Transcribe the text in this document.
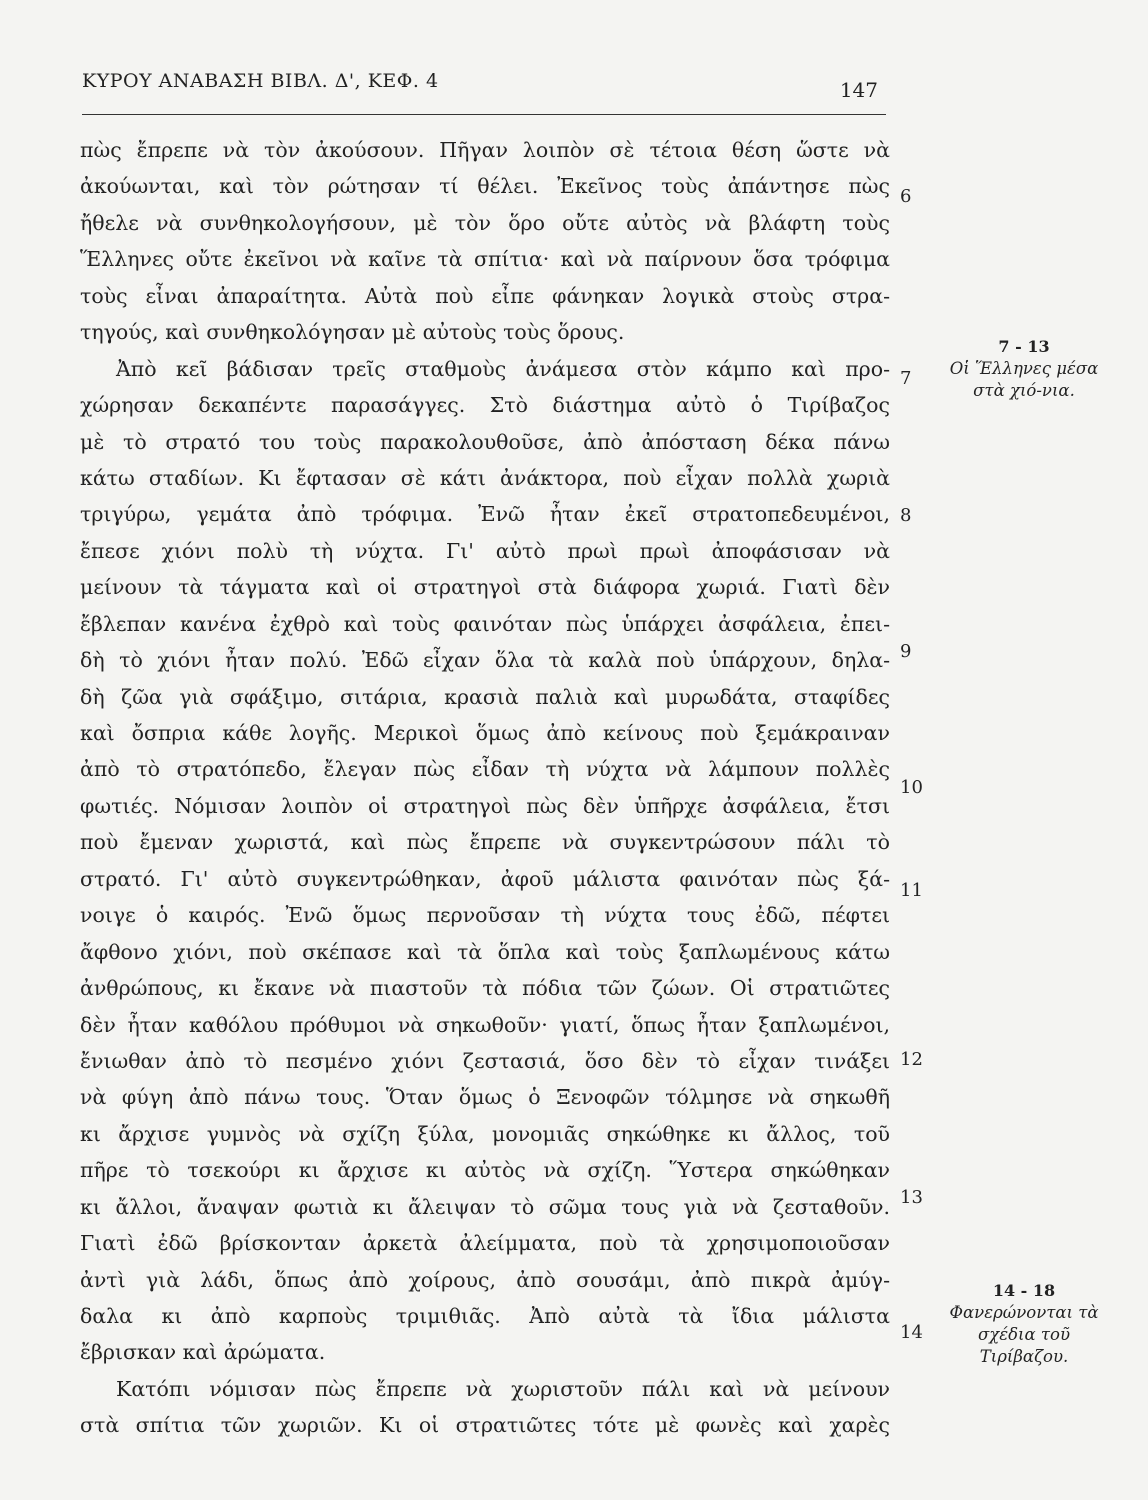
ΚΥΡΟΥ ΑΝΑΒΑΣΗ ΒΙΒΛ. Δ', ΚΕΦ. 4	147
πὼς ἔπρεπε νὰ τὸν ἀκούσουν. Πῆγαν λοιπὸν σὲ τέτοια θέση ὥστε νὰ
ἀκούωνται, καὶ τὸν ρώτησαν τί θέλει. Ἐκεῖνος τοὺς ἀπάντησε πὼς
ἤθελε νὰ συνθηκολογήσουν, μὲ τὸν ὅρο οὔτε αὐτὸς νὰ βλάφτη τοὺς
Ἕλληνες οὔτε ἐκεῖνοι νὰ καῖνε τὰ σπίτια· καὶ νὰ παίρνουν ὅσα τρόφιμα
τοὺς εἶναι ἀπαραίτητα. Αὐτὰ ποὺ εἶπε φάνηκαν λογικὰ στοὺς στρα-
τηγούς, καὶ συνθηκολόγησαν μὲ αὐτοὺς τοὺς ὅρους.
Ἀπὸ κεῖ βάδισαν τρεῖς σταθμοὺς ἀνάμεσα στὸν κάμπο καὶ προ-
χώρησαν δεκαπέντε παρασάγγες. Στὸ διάστημα αὐτὸ ὁ Τιρίβαζος
μὲ τὸ στρατό του τοὺς παρακολουθοῦσε, ἀπὸ ἀπόσταση δέκα πάνω
κάτω σταδίων. Κι ἔφτασαν σὲ κάτι ἀνάκτορα, ποὺ εἶχαν πολλὰ χωριὰ
τριγύρω, γεμάτα ἀπὸ τρόφιμα. Ἐνῶ ἦταν ἐκεῖ στρατοπεδευμένοι,
ἔπεσε χιόνι πολὺ τὴ νύχτα. Γι' αὐτὸ πρωὶ πρωὶ ἀποφάσισαν νὰ
μείνουν τὰ τάγματα καὶ οἱ στρατηγοὶ στὰ διάφορα χωριά. Γιατὶ δὲν
ἔβλεπαν κανένα ἐχθρὸ καὶ τοὺς φαινόταν πὼς ὑπάρχει ἀσφάλεια, ἐπει-
δὴ τὸ χιόνι ἦταν πολύ. Ἐδῶ εἶχαν ὅλα τὰ καλὰ ποὺ ὑπάρχουν, δηλα-
δὴ ζῶα γιὰ σφάξιμο, σιτάρια, κρασιὰ παλιὰ καὶ μυρωδάτα, σταφίδες
καὶ ὄσπρια κάθε λογῆς. Μερικοὶ ὅμως ἀπὸ κείνους ποὺ ξεμάκραιναν
ἀπὸ τὸ στρατόπεδο, ἔλεγαν πὼς εἶδαν τὴ νύχτα νὰ λάμπουν πολλὲς
φωτιές. Νόμισαν λοιπὸν οἱ στρατηγοὶ πὼς δὲν ὑπῆρχε ἀσφάλεια, ἔτσι
ποὺ ἔμεναν χωριστά, καὶ πὼς ἔπρεπε νὰ συγκεντρώσουν πάλι τὸ
στρατό. Γι' αὐτὸ συγκεντρώθηκαν, ἀφοῦ μάλιστα φαινόταν πὼς ξά-
νοιγε ὁ καιρός. Ἐνῶ ὅμως περνοῦσαν τὴ νύχτα τους ἐδῶ, πέφτει
ἄφθονο χιόνι, ποὺ σκέπασε καὶ τὰ ὅπλα καὶ τοὺς ξαπλωμένους κάτω
ἀνθρώπους, κι ἔκανε νὰ πιαστοῦν τὰ πόδια τῶν ζώων. Οἱ στρατιῶτες
δὲν ἦταν καθόλου πρόθυμοι νὰ σηκωθοῦν· γιατί, ὅπως ἦταν ξαπλωμένοι,
ἔνιωθαν ἀπὸ τὸ πεσμένο χιόνι ζεστασιά, ὅσο δὲν τὸ εἶχαν τινάξει
νὰ φύγη ἀπὸ πάνω τους. Ὅταν ὅμως ὁ Ξενοφῶν τόλμησε νὰ σηκωθῆ
κι ἄρχισε γυμνὸς νὰ σχίζη ξύλα, μονομιᾶς σηκώθηκε κι ἄλλος, τοῦ
πῆρε τὸ τσεκούρι κι ἄρχισε κι αὐτὸς νὰ σχίζη. Ὕστερα σηκώθηκαν
κι ἄλλοι, ἄναψαν φωτιὰ κι ἄλειψαν τὸ σῶμα τους γιὰ νὰ ζεσταθοῦν.
Γιατὶ ἐδῶ βρίσκονταν ἀρκετὰ ἀλείμματα, ποὺ τὰ χρησιμοποιοῦσαν
ἀντὶ γιὰ λάδι, ὅπως ἀπὸ χοίρους, ἀπὸ σουσάμι, ἀπὸ πικρὰ ἀμύγ-
δαλα κι ἀπὸ καρποὺς τριμιθιᾶς. Ἀπὸ αὐτὰ τὰ ἴδια μάλιστα
ἔβρισκαν καὶ ἀρώματα.
Κατόπι νόμισαν πὼς ἔπρεπε νὰ χωριστοῦν πάλι καὶ νὰ μείνουν
στὰ σπίτια τῶν χωριῶν. Κι οἱ στρατιῶτες τότε μὲ φωνὲς καὶ χαρὲς
6
7
8
9
10
11
12
13
14
7 - 13
Οἱ Ἕλληνες μέσα στὰ χιό-νια.
14 - 18
Φανερώνονται τὰ σχέδια τοῦ Τιρίβαζου.
